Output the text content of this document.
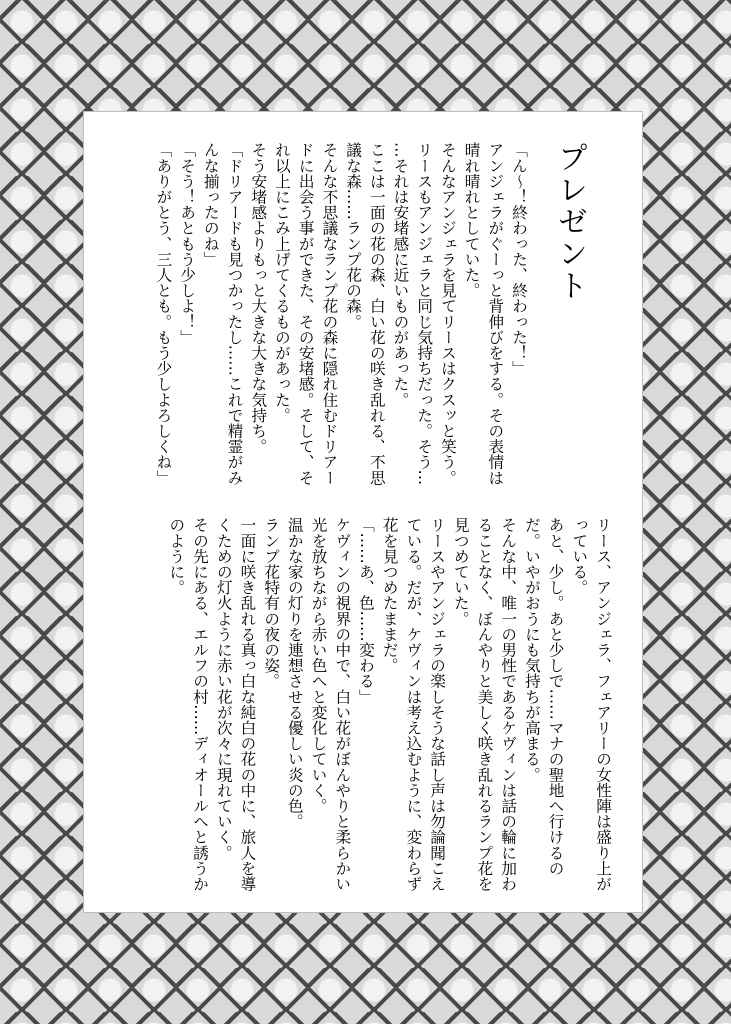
プレゼント

「ん〜！終わった、終わった！」

アンジェラがぐーっと背伸びをする。その表情は晴れ晴れとしていた。

そんなアンジェラを見てリースはクスッと笑う。リースもアンジェラと同じ気持ちだった。そう…

…それは安堵感に近いものがあった。

ここは一面の花の森、白い花の咲き乱れる、不思議な森……ランプ花の森。

そんな不思議なランプ花の森に隠れ住むドリアードに出会う事ができた、その安堵感。そして、それ以上にこみ上げてくるものがあった。

そう安堵感よりもっと大きな大きな気持ち。

「ドリアードも見つかったし……これで精霊がみんな揃ったのね」

「そう！あともう少しよ！」

「ありがとう、三人とも。もう少しよろしくね」

リース、アンジェラ、フェアリーの女性陣は盛り上がっている。

あと、少し。あと少しで……マナの聖地へ行けるのだ。いやがおうにも気持ちが高まる。

そんな中、唯一の男性であるケヴィンは話の輪に加わることなく、ぼんやりと美しく咲き乱れるランプ花を見つめていた。

リースやアンジェラの楽しそうな話し声は勿論聞こえている。だが、ケヴィンは考え込むように、変わらず花を見つめたままだ。

「……あ、色……変わる」

ケヴィンの視界の中で、白い花がぼんやりと柔らかい光を放ちながら赤い色へと変化していく。

温かな家の灯りを連想させる優しい炎の色。

ランプ花特有の夜の姿。

一面に咲き乱れる真っ白な純白の花の中に、旅人を導くための灯火ように赤い花が次々に現れていく。

その先にある、エルフの村……ディオールへと誘うかのように。
